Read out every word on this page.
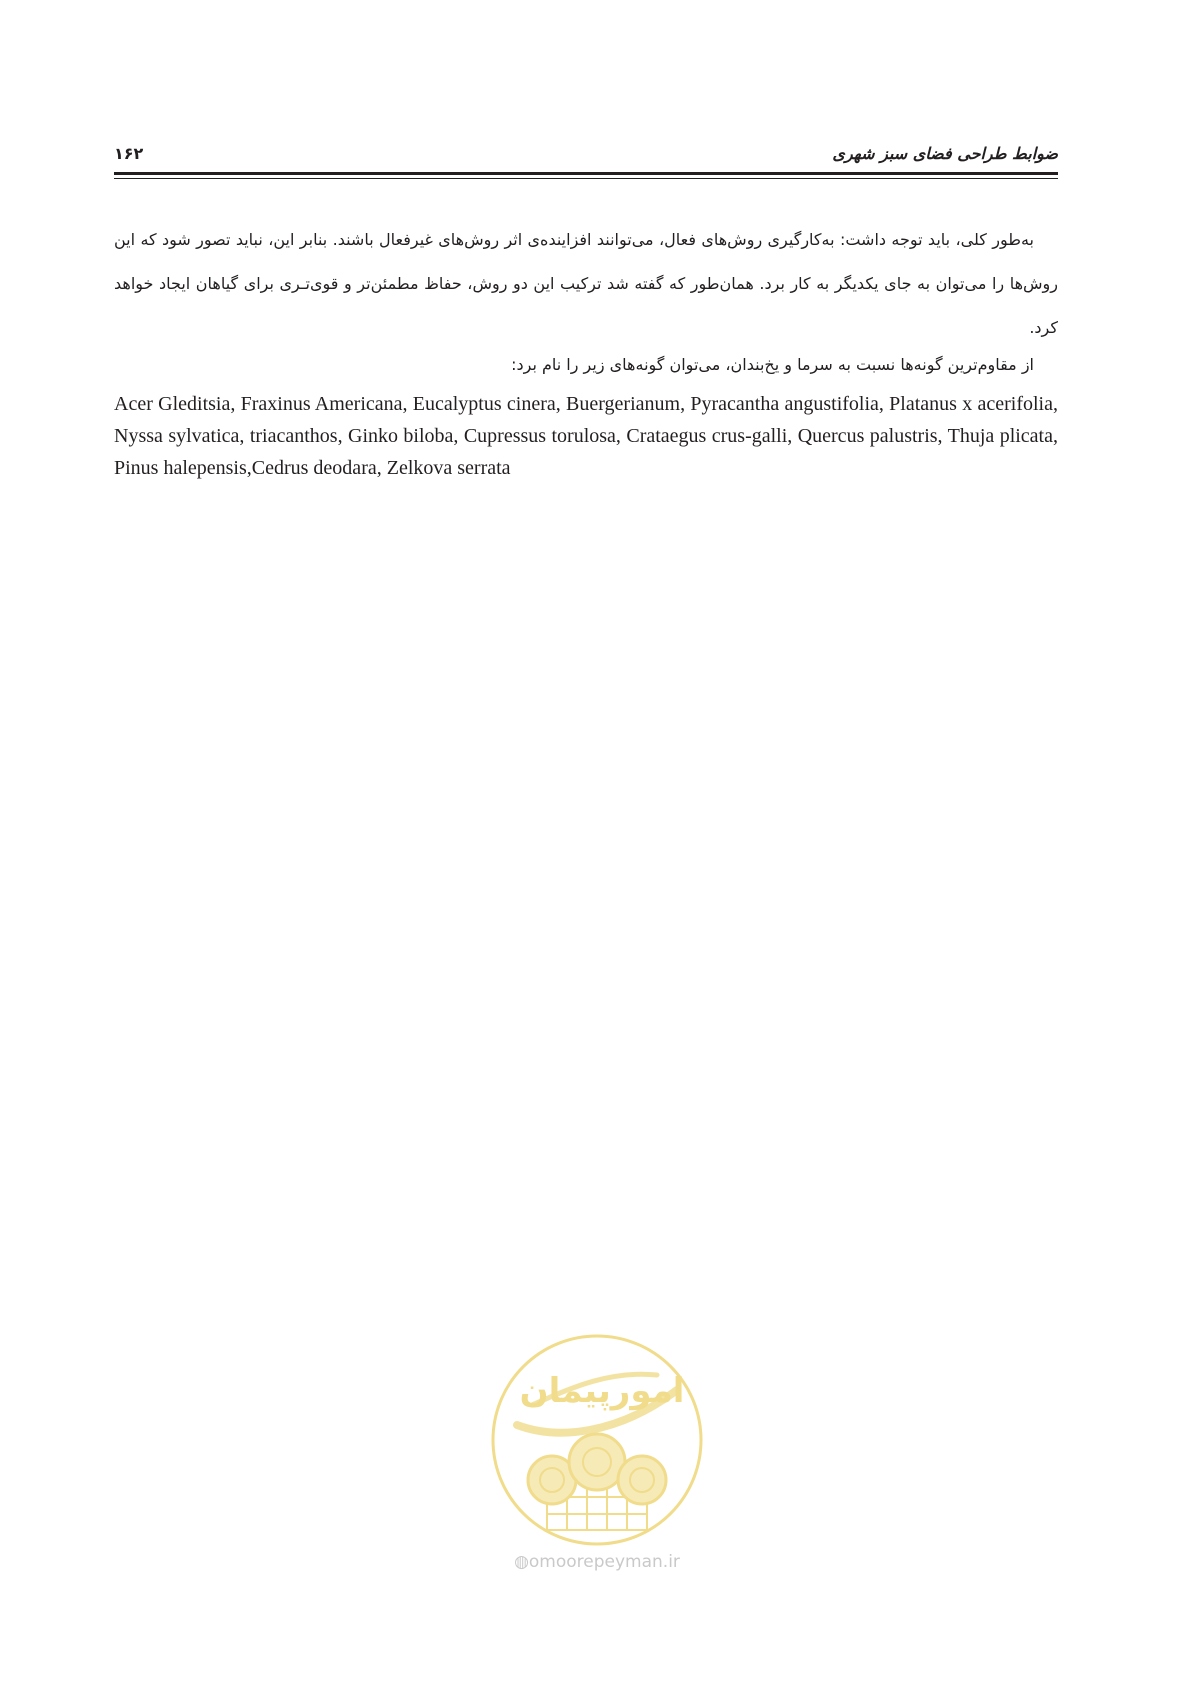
ضوابط طراحی فضای سبز شهری
۱۶۲

به‌طور کلی، باید توجه داشت: به‌کارگیری روش‌های فعال، می‌توانند افزاینده‌ی اثر روش‌های غیرفعال باشند. بنابر این، نباید تصور شود که این روش‌ها را می‌توان به جای یکدیگر به کار برد. همان‌طور که گفته شد ترکیب این دو روش، حفاظ مطمئن‌تر و قوی‌تـری برای گیاهان ایجاد خواهد کرد.

از مقاوم‌ترین گونه‌ها نسبت به سرما و یخ‌بندان، می‌توان گونه‌های زیر را نام برد:

Acer Gleditsia, Fraxinus Americana, Eucalyptus cinera, Buergerianum, Pyracantha angustifolia, Platanus x acerifolia, Nyssa sylvatica, triacanthos, Ginko biloba, Cupressus torulosa, Crataegus crus-galli, Quercus palustris, Thuja plicata, Pinus halepensis,Cedrus deodara, Zelkova serrata

امورپیمان
◍omoorepeyman.ir
